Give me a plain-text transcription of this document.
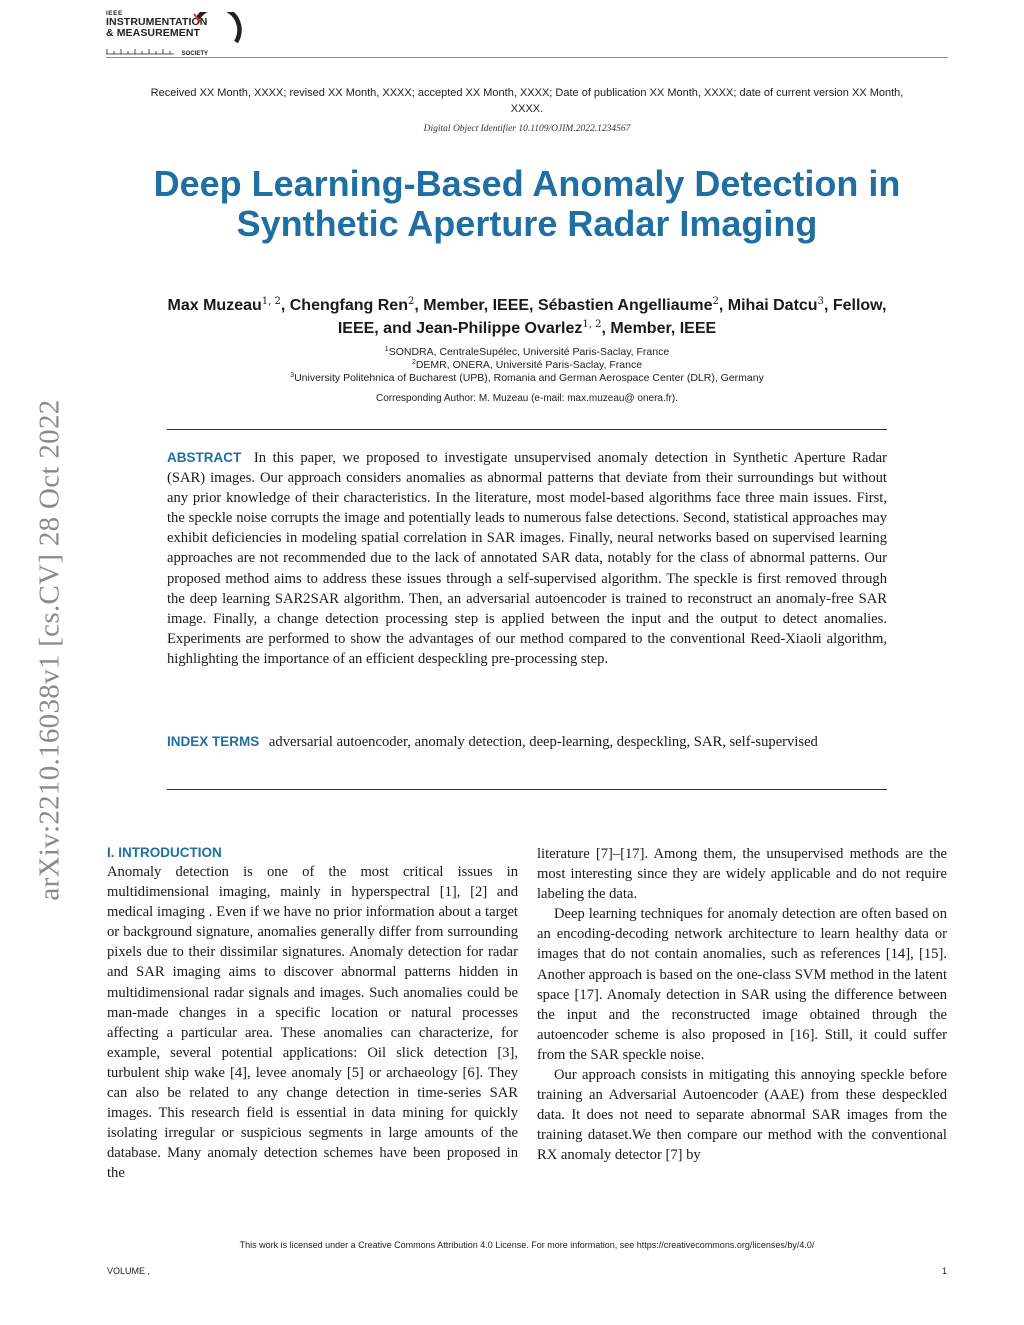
IEEE
INSTRUMENTATION
& MEASUREMENT
SOCIETY
Received XX Month, XXXX; revised XX Month, XXXX; accepted XX Month, XXXX; Date of publication XX Month, XXXX; date of current version XX Month, XXXX.
Digital Object Identifier 10.1109/OJIM.2022.1234567
Deep Learning-Based Anomaly Detection in Synthetic Aperture Radar Imaging
Max Muzeau$^{1, 2}$, Chengfang Ren$^2$, Member, IEEE, Sébastien Angelliaume$^2$, Mihai Datcu$^3$, Fellow, IEEE, and Jean-Philippe Ovarlez$^{1, 2}$, Member, IEEE
$^1$SONDRA, CentraleSupélec, Université Paris-Saclay, France
$^2$DEMR, ONERA, Université Paris-Saclay, France
$^3$University Politehnica of Bucharest (UPB), Romania and German Aerospace Center (DLR), Germany
Corresponding Author: M. Muzeau (e-mail: max.muzeau@ onera.fr).
ABSTRACT In this paper, we proposed to investigate unsupervised anomaly detection in Synthetic Aperture Radar (SAR) images. Our approach considers anomalies as abnormal patterns that deviate from their surroundings but without any prior knowledge of their characteristics. In the literature, most model-based algorithms face three main issues. First, the speckle noise corrupts the image and potentially leads to numerous false detections. Second, statistical approaches may exhibit deficiencies in modeling spatial correlation in SAR images. Finally, neural networks based on supervised learning approaches are not recommended due to the lack of annotated SAR data, notably for the class of abnormal patterns. Our proposed method aims to address these issues through a self-supervised algorithm. The speckle is first removed through the deep learning SAR2SAR algorithm. Then, an adversarial autoencoder is trained to reconstruct an anomaly-free SAR image. Finally, a change detection processing step is applied between the input and the output to detect anomalies. Experiments are performed to show the advantages of our method compared to the conventional Reed-Xiaoli algorithm, highlighting the importance of an efficient despeckling pre-processing step.
INDEX TERMS adversarial autoencoder, anomaly detection, deep-learning, despeckling, SAR, self-supervised
I. INTRODUCTION

Anomaly detection is one of the most critical issues in multidimensional imaging, mainly in hyperspectral [1], [2] and medical imaging . Even if we have no prior information about a target or background signature, anomalies generally differ from surrounding pixels due to their dissimilar signatures. Anomaly detection for radar and SAR imaging aims to discover abnormal patterns hidden in multidimensional radar signals and images. Such anomalies could be man-made changes in a specific location or natural processes affecting a particular area. These anomalies can characterize, for example, several potential applications: Oil slick detection [3], turbulent ship wake [4], levee anomaly [5] or archaeology [6]. They can also be related to any change detection in time-series SAR images. This research field is essential in data mining for quickly isolating irregular or suspicious segments in large amounts of the database. Many anomaly detection schemes have been proposed in the

literature [7]–[17]. Among them, the unsupervised methods are the most interesting since they are widely applicable and do not require labeling the data.

Deep learning techniques for anomaly detection are often based on an encoding-decoding network architecture to learn healthy data or images that do not contain anomalies, such as references [14], [15]. Another approach is based on the one-class SVM method in the latent space [17]. Anomaly detection in SAR using the difference between the input and the reconstructed image obtained through the autoencoder scheme is also proposed in [16]. Still, it could suffer from the SAR speckle noise.

Our approach consists in mitigating this annoying speckle before training an Adversarial Autoencoder (AAE) from these despeckled data. It does not need to separate abnormal SAR images from the training dataset.We then compare our method with the conventional RX anomaly detector [7] by

This work is licensed under a Creative Commons Attribution 4.0 License. For more information, see https://creativecommons.org/licenses/by/4.0/
VOLUME ,	1
arXiv:2210.16038v1 [cs.CV] 28 Oct 2022
